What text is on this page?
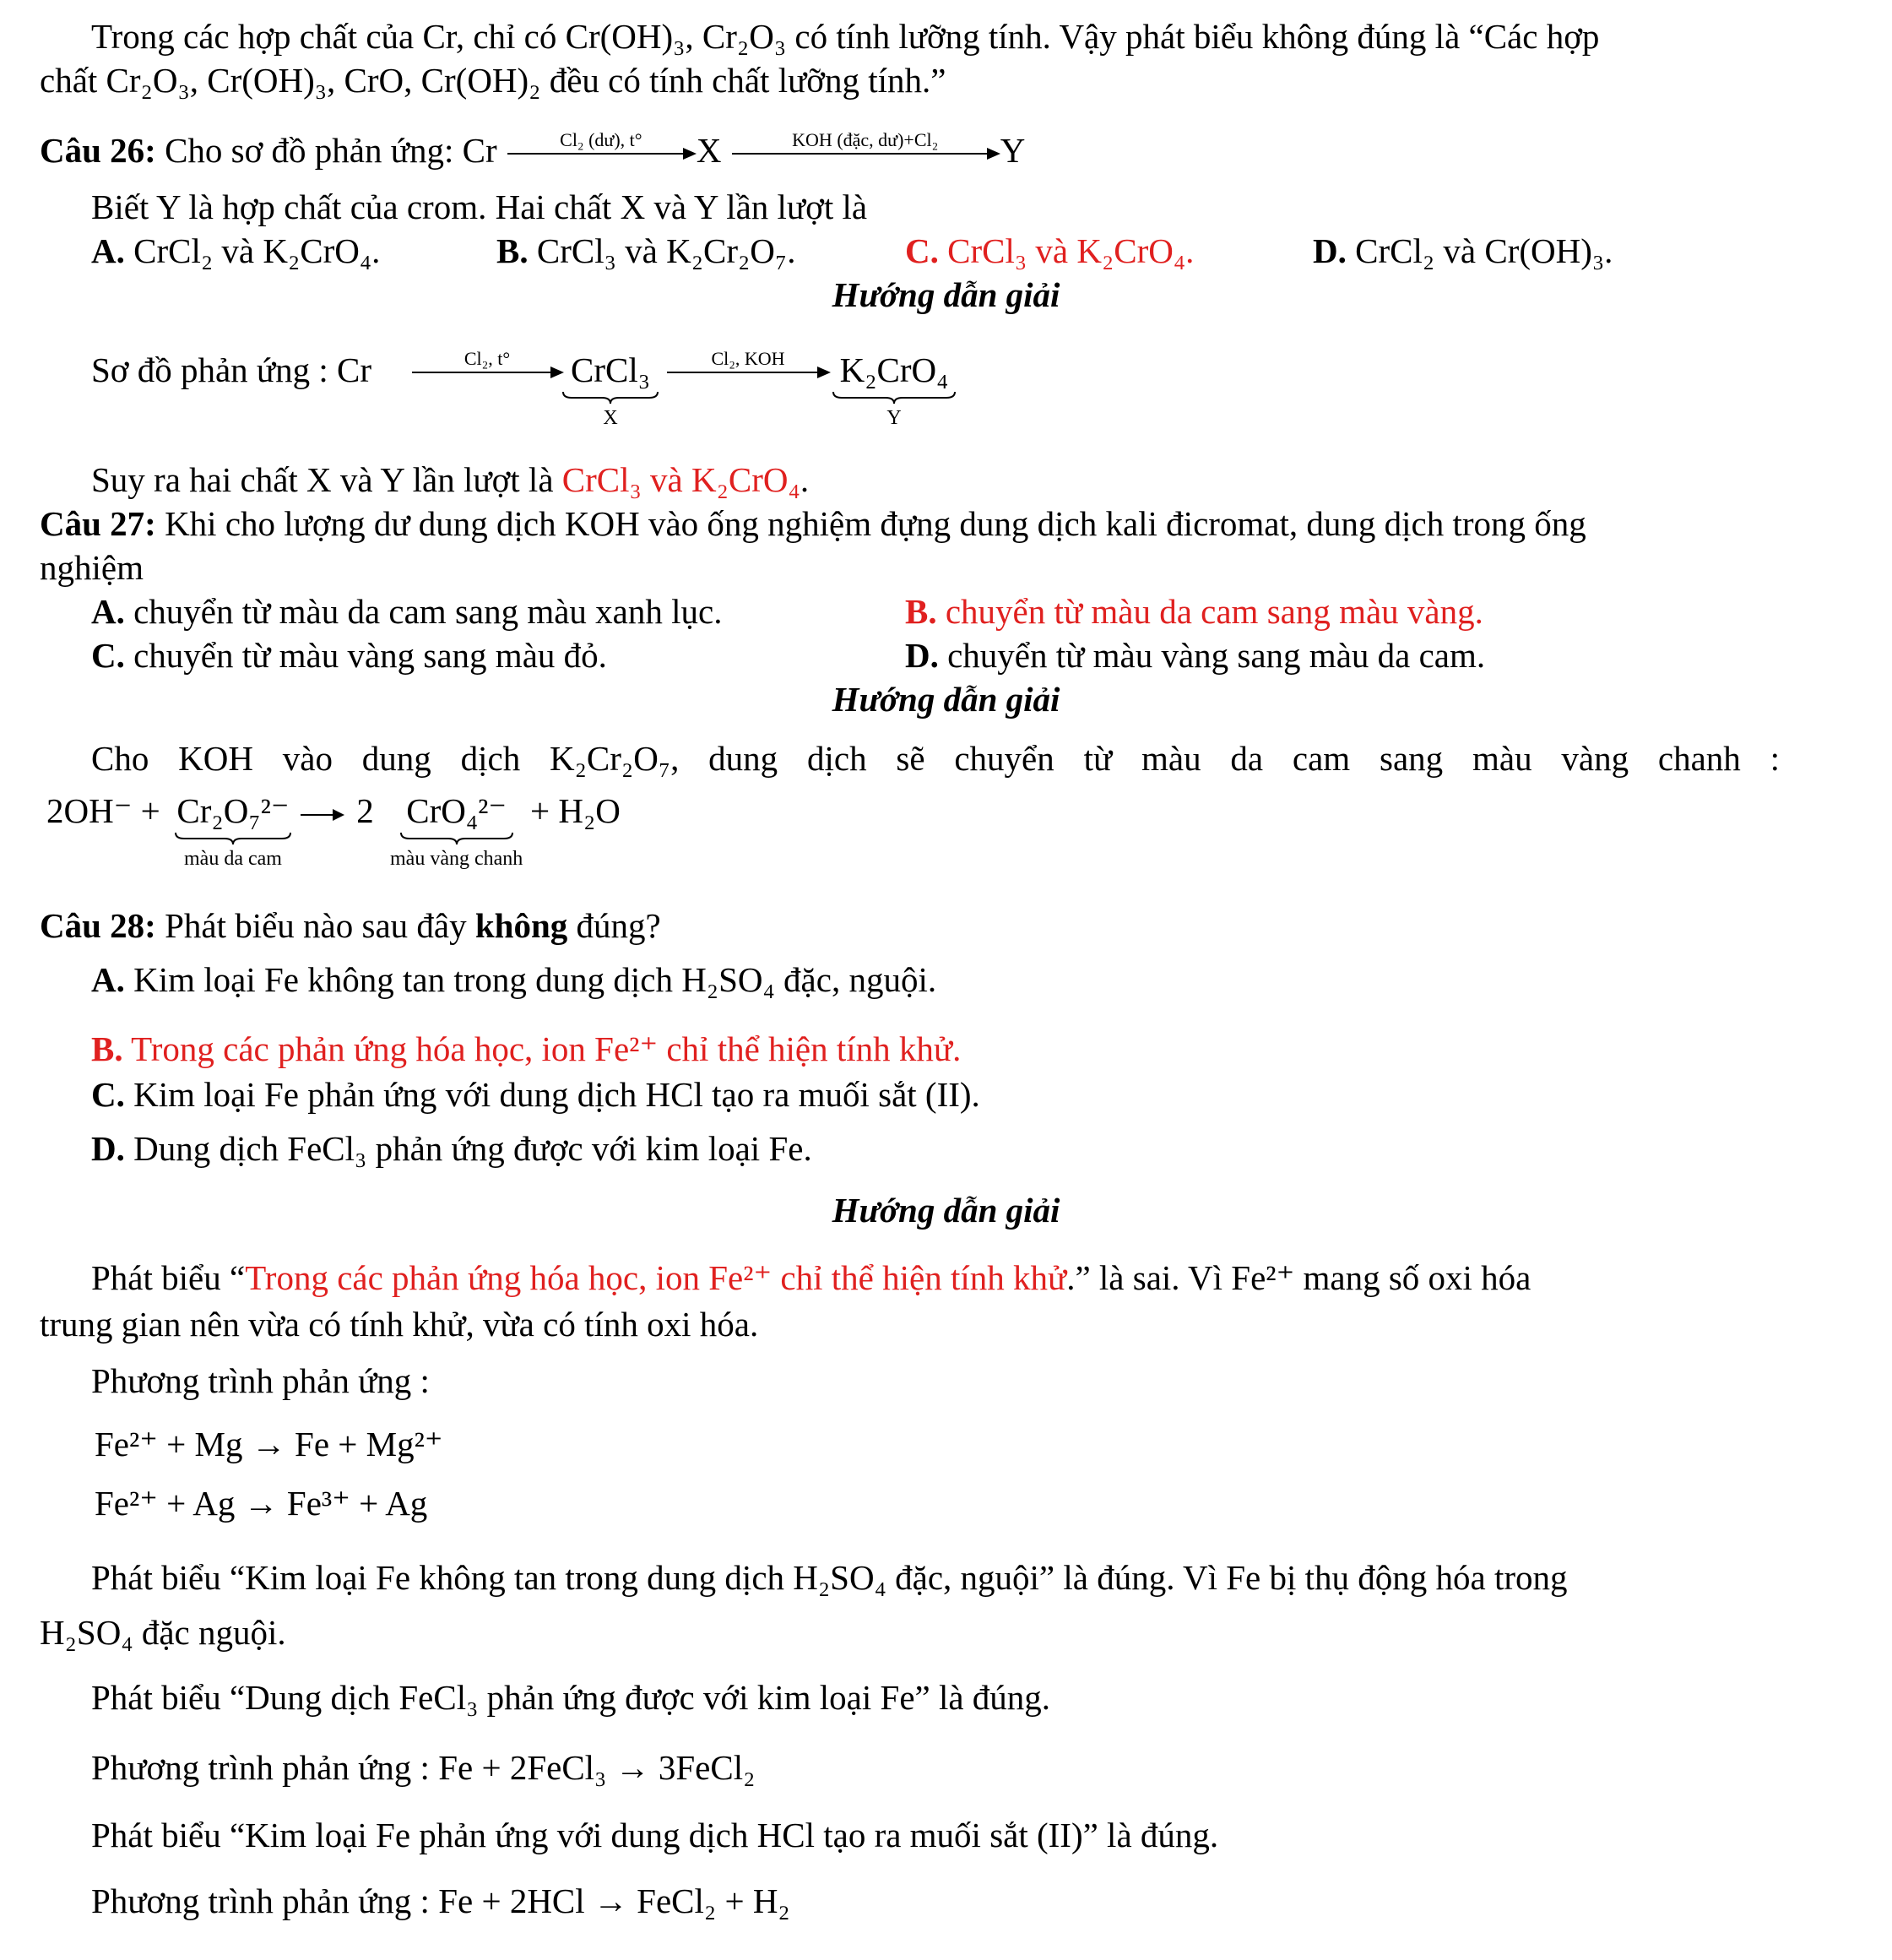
Trong các hợp chất của Cr, chỉ có Cr(OH)₃, Cr₂O₃ có tính lưỡng tính. Vậy phát biểu không đúng là “Các hợp
chất Cr₂O₃, Cr(OH)₃, CrO, Cr(OH)₂ đều có tính chất lưỡng tính.”
Câu 26: Cho sơ đồ phản ứng: Cr	Cl₂ (dư), t°	X	KOH (đặc, dư)+Cl₂	Y
Biết Y là hợp chất của crom. Hai chất X và Y lần lượt là
A. CrCl₂ và K₂CrO₄.	B. CrCl₃ và K₂Cr₂O₇.	C. CrCl₃ và K₂CrO₄.	D. CrCl₂ và Cr(OH)₃.
Hướng dẫn giải
Sơ đồ phản ứng : Cr	Cl₂, t°	CrCl₃
X
Cl₂, KOH	K₂CrO₄
Y
Suy ra hai chất X và Y lần lượt là CrCl₃ và K₂CrO₄.
Câu 27: Khi cho lượng dư dung dịch KOH vào ống nghiệm đựng dung dịch kali đicromat, dung dịch trong ống
nghiệm
A. chuyển từ màu da cam sang màu xanh lục.	B. chuyển từ màu da cam sang màu vàng.
C. chuyển từ màu vàng sang màu đỏ.	D. chuyển từ màu vàng sang màu da cam.
Hướng dẫn giải
Cho KOH vào dung dịch K₂Cr₂O₇, dung dịch sẽ chuyển từ màu da cam sang màu vàng chanh :
2OH⁻ + Cr₂O₇²⁻
màu da cam
2 CrO₄²⁻
màu vàng chanh
+ H₂O
Câu 28: Phát biểu nào sau đây không đúng?
A. Kim loại Fe không tan trong dung dịch H₂SO₄ đặc, nguội.
B. Trong các phản ứng hóa học, ion Fe²⁺ chỉ thể hiện tính khử.
C. Kim loại Fe phản ứng với dung dịch HCl tạo ra muối sắt (II).
D. Dung dịch FeCl₃ phản ứng được với kim loại Fe.
Hướng dẫn giải
Phát biểu “Trong các phản ứng hóa học, ion Fe²⁺ chỉ thể hiện tính khử.” là sai. Vì Fe²⁺ mang số oxi hóa
trung gian nên vừa có tính khử, vừa có tính oxi hóa.
Phương trình phản ứng :
Fe²⁺ + Mg → Fe + Mg²⁺
Fe²⁺ + Ag → Fe³⁺ + Ag
Phát biểu “Kim loại Fe không tan trong dung dịch H₂SO₄ đặc, nguội” là đúng. Vì Fe bị thụ động hóa trong
H₂SO₄ đặc nguội.
Phát biểu “Dung dịch FeCl₃ phản ứng được với kim loại Fe” là đúng.
Phương trình phản ứng : Fe + 2FeCl₃ → 3FeCl₂
Phát biểu “Kim loại Fe phản ứng với dung dịch HCl tạo ra muối sắt (II)” là đúng.
Phương trình phản ứng : Fe + 2HCl → FeCl₂ + H₂
